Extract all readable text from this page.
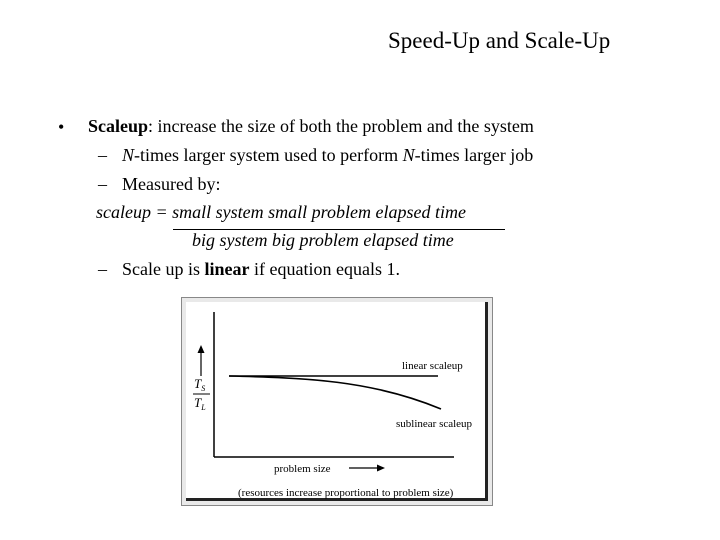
Speed-Up and Scale-Up
• Scaleup: increase the size of both the problem and the system
– N-times larger system used to perform N-times larger job
– Measured by:
scaleup = small system small problem elapsed time
big system big problem elapsed time
– Scale up is linear if equation equals 1.
$T_S$
$T_L$
linear scaleup
sublinear scaleup
problem size
(resources increase proportional to problem size)
